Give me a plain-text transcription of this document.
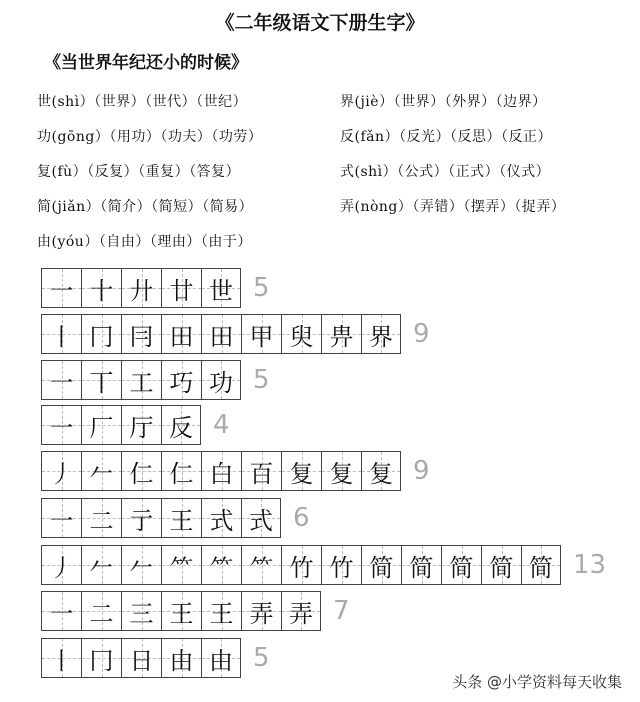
《二年级语文下册生字》
《当世界年纪还小的时候》
世(shì）（世界）（世代）（世纪）
功(gōng）（用功）（功夫）（功劳）
复(fù）（反复）（重复）（答复）
简(jiǎn）（简介）（简短）（简易）
由(yóu）（自由）（理由）（由于）
界(jiè）（世界）（外界）（边界）
反(fǎn）（反光）（反思）（反正）
式(shì）（公式）（正式）（仪式）
弄(nòng）（弄错）（摆弄）（捉弄）
一 十 廾 廿 世 5
丨 冂 冃 田 田 甲 臾 畁 界 9
一 丅 工 巧 功 5
一 厂 厅 反 4
丿 𠂉 仁 仁 白 百 复 复 复 9
一 二 亍 王 式 式 6
丿 𠂉 𠂉 ⺮ ⺮ ⺮ 竹 竹 简 简 简 简 简 13
一 二 三 王 王 弄 弄 7
丨 冂 日 由 由 5
头条 @小学资料每天收集
